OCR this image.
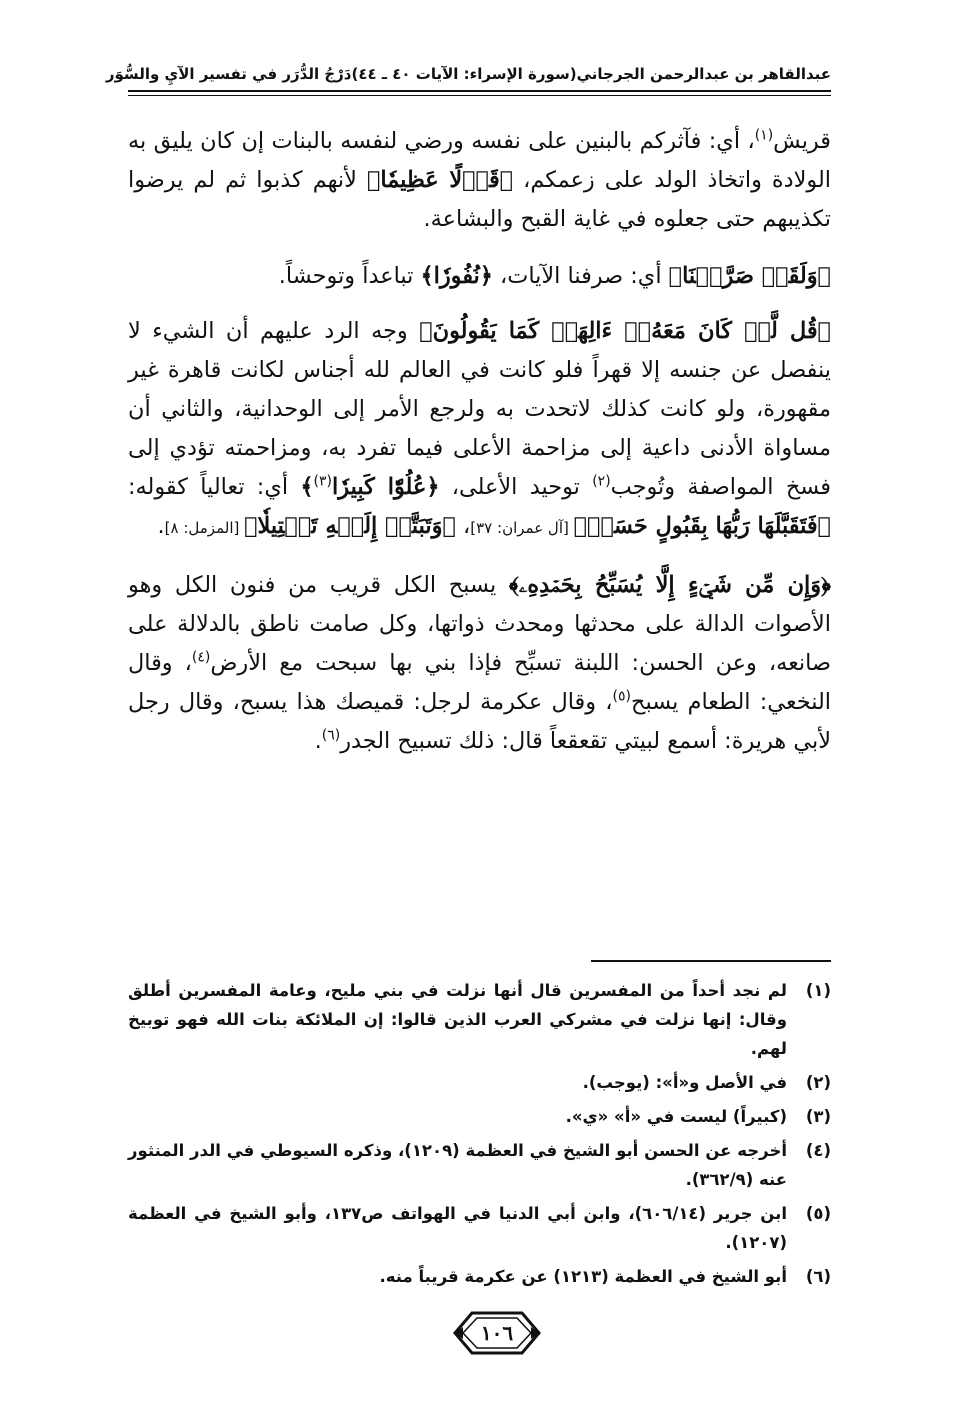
عبدالقاهر بن عبدالرحمن الجرجاني
(سورة الإسراء: الآيات ٤٠ ـ ٤٤)
دَرْجُ الدُّرَر في تفسير الآيِ والسُّوَر

قريش$^{(١)}$، أي: فآثركم بالبنين على نفسه ورضي لنفسه بالبنات إن كان يليق به الولادة واتخاذ الولد على زعمكم، ﴿قَوۡلًا عَظِيمٗا﴾ لأنهم كذبوا ثم لم يرضوا تكذيبهم حتى جعلوه في غاية القبح والبشاعة.

﴿وَلَقَدۡ صَرَّفۡنَا﴾ أي: صرفنا الآيات، ﴿نُفُورٗا﴾ تباعداً وتوحشاً.

﴿قُل لَّوۡ كَانَ مَعَهُۥٓ ءَالِهَةٞ كَمَا يَقُولُونَ﴾ وجه الرد عليهم أن الشيء لا ينفصل عن جنسه إلا قهراً فلو كانت في العالم لله أجناس لكانت قاهرة غير مقهورة، ولو كانت كذلك لاتحدت به ولرجع الأمر إلى الوحدانية، والثاني أن مساواة الأدنى داعية إلى مزاحمة الأعلى فيما تفرد به، ومزاحمته تؤدي إلى فسخ المواصفة وتُوجب$^{(٢)}$ توحيد الأعلى، ﴿عُلُوّٗا كَبِيرٗا$^{(٣)}$﴾ أي: تعالياً كقوله: ﴿فَتَقَبَّلَهَا رَبُّهَا بِقَبُولٍ حَسَنٖ﴾ [آل عمران: ٣٧]، ﴿وَتَبَتَّلۡ إِلَيۡهِ تَبۡتِيلٗا﴾ [المزمل: ٨].

﴿وَإِن مِّن شَيۡءٍ إِلَّا يُسَبِّحُ بِحَمۡدِهِۦ﴾ يسبح الكل قريب من فنون الكل وهو الأصوات الدالة على محدثها ومحدث ذواتها، وكل صامت ناطق بالدلالة على صانعه، وعن الحسن: اللبنة تسبِّح فإذا بني بها سبحت مع الأرض$^{(٤)}$، وقال النخعي: الطعام يسبح$^{(٥)}$، وقال عكرمة لرجل: قميصك هذا يسبح، وقال رجل لأبي هريرة: أسمع لبيتي تقعقعاً قال: ذلك تسبيح الجدر$^{(٦)}$.

(١)
لم نجد أحداً من المفسرين قال أنها نزلت في بني مليح، وعامة المفسرين أطلق وقال: إنها نزلت في مشركي العرب الذين قالوا: إن الملائكة بنات الله فهو توبيخ لهم.
(٢)
في الأصل و«أ»: (يوجب).
(٣)
(كبيراً) ليست في «أ» «ي».
(٤)
أخرجه عن الحسن أبو الشيخ في العظمة (١٢٠٩)، وذكره السيوطي في الدر المنثور عنه (٣٦٢/٩).
(٥)
ابن جرير (٦٠٦/١٤)، وابن أبي الدنيا في الهواتف ص١٣٧، وأبو الشيخ في العظمة (١٢٠٧).
(٦)
أبو الشيخ في العظمة (١٢١٣) عن عكرمة قريباً منه.
١٠٦
